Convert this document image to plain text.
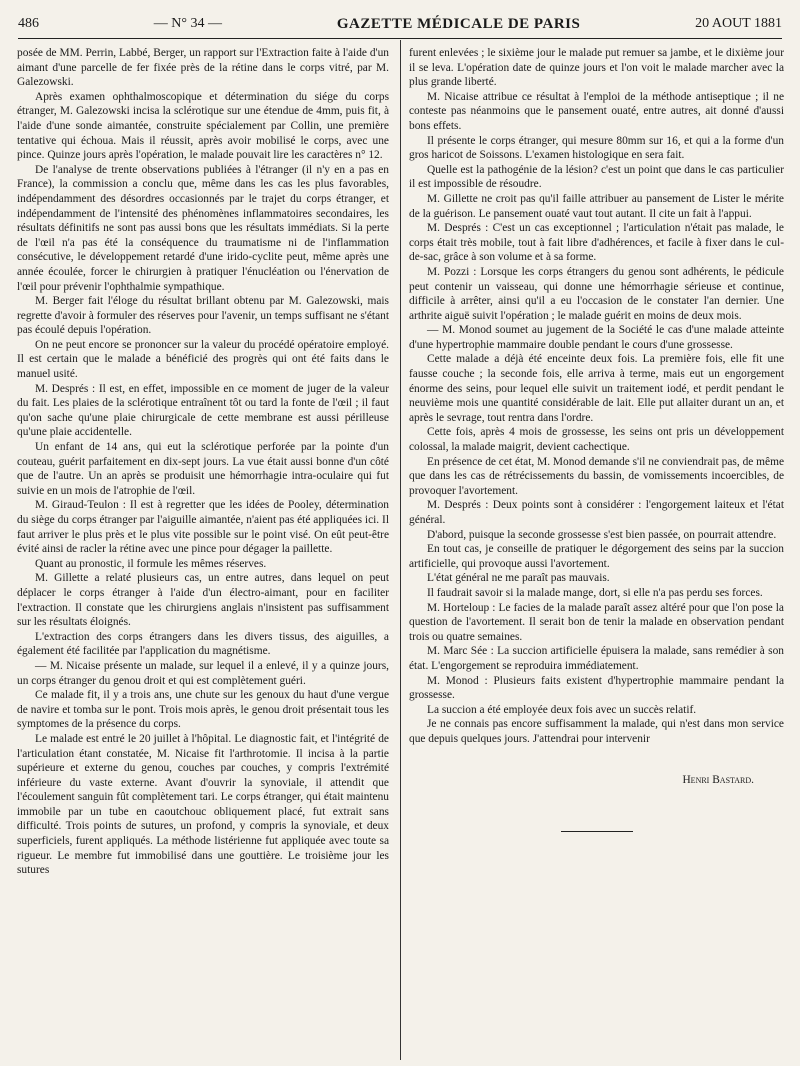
486	— N° 34 —	GAZETTE MÉDICALE DE PARIS	20 AOUT 1881

posée de MM. Perrin, Labbé, Berger, un rapport sur l'Extraction faite à l'aide d'un aimant d'une parcelle de fer fixée près de la rétine dans le corps vitré, par M. Galezowski.

Après examen ophthalmoscopique et détermination du siége du corps étranger, M. Galezowski incisa la sclérotique sur une étendue de 4mm, puis fit, à l'aide d'une sonde aimantée, construite spécialement par Collin, une première tentative qui échoua. Mais il réussit, après avoir mobilisé le corps, avec une pince. Quinze jours après l'opération, le malade pouvait lire les caractères n° 12.

De l'analyse de trente observations publiées à l'étranger (il n'y en a pas en France), la commission a conclu que, même dans les cas les plus favorables, indépendamment des désordres occasionnés par le trajet du corps étranger, et indépendamment de l'intensité des phénomènes inflammatoires secondaires, les résultats définitifs ne sont pas aussi bons que les résultats immédiats. Si la perte de l'œil n'a pas été la conséquence du traumatisme ni de l'inflammation consécutive, le développement retardé d'une irido-cyclite peut, même après une année écoulée, forcer le chirurgien à pratiquer l'énucléation ou l'énervation de l'œil pour prévenir l'ophthalmie sympathique.

M. Berger fait l'éloge du résultat brillant obtenu par M. Galezowski, mais regrette d'avoir à formuler des réserves pour l'avenir, un temps suffisant ne s'étant pas écoulé depuis l'opération.

On ne peut encore se prononcer sur la valeur du procédé opératoire employé. Il est certain que le malade a bénéficié des progrès qui ont été faits dans le manuel usité.

M. Després : Il est, en effet, impossible en ce moment de juger de la valeur du fait. Les plaies de la sclérotique entraînent tôt ou tard la fonte de l'œil ; il faut qu'on sache qu'une plaie chirurgicale de cette membrane est aussi périlleuse qu'une plaie accidentelle.

Un enfant de 14 ans, qui eut la sclérotique perforée par la pointe d'un couteau, guérit parfaitement en dix-sept jours. La vue était aussi bonne d'un côté que de l'autre. Un an après se produisit une hémorrhagie intra-oculaire qui fut suivie en un mois de l'atrophie de l'œil.

M. Giraud-Teulon : Il est à regretter que les idées de Pooley, détermination du siège du corps étranger par l'aiguille aimantée, n'aient pas été appliquées ici. Il faut arriver le plus près et le plus vite possible sur le point visé. On eût peut-être évité ainsi de racler la rétine avec une pince pour dégager la paillette.

Quant au pronostic, il formule les mêmes réserves.

M. Gillette a relaté plusieurs cas, un entre autres, dans lequel on peut déplacer le corps étranger à l'aide d'un électro-aimant, pour en faciliter l'extraction. Il constate que les chirurgiens anglais n'insistent pas suffisamment sur les résultats éloignés.

L'extraction des corps étrangers dans les divers tissus, des aiguilles, a également été facilitée par l'application du magnétisme.

— M. Nicaise présente un malade, sur lequel il a enlevé, il y a quinze jours, un corps étranger du genou droit et qui est complètement guéri.

Ce malade fit, il y a trois ans, une chute sur les genoux du haut d'une vergue de navire et tomba sur le pont. Trois mois après, le genou droit présentait tous les symptomes de la présence du corps.

Le malade est entré le 20 juillet à l'hôpital. Le diagnostic fait, et l'intégrité de l'articulation étant constatée, M. Nicaise fit l'arthrotomie. Il incisa à la partie supérieure et externe du genou, couches par couches, y compris l'extrémité inférieure du vaste externe. Avant d'ouvrir la synoviale, il attendit que l'écoulement sanguin fût complètement tari. Le corps étranger, qui était maintenu immobile par un tube en caoutchouc obliquement placé, fut extrait sans difficulté. Trois points de sutures, un profond, y compris la synoviale, et deux superficiels, furent appliqués. La méthode listérienne fut appliquée avec toute sa rigueur. Le membre fut immobilisé dans une gouttière. Le troisième jour les sutures

furent enlevées ; le sixième jour le malade put remuer sa jambe, et le dixième jour il se leva. L'opération date de quinze jours et l'on voit le malade marcher avec la plus grande liberté.

M. Nicaise attribue ce résultat à l'emploi de la méthode antiseptique ; il ne conteste pas néanmoins que le pansement ouaté, entre autres, ait donné d'aussi bons effets.

Il présente le corps étranger, qui mesure 80mm sur 16, et qui a la forme d'un gros haricot de Soissons. L'examen histologique en sera fait.

Quelle est la pathogénie de la lésion? c'est un point que dans le cas particulier il est impossible de résoudre.

M. Gillette ne croit pas qu'il faille attribuer au pansement de Lister le mérite de la guérison. Le pansement ouaté vaut tout autant. Il cite un fait à l'appui.

M. Després : C'est un cas exceptionnel ; l'articulation n'était pas malade, le corps était très mobile, tout à fait libre d'adhérences, et facile à fixer dans le cul-de-sac, grâce à son volume et à sa forme.

M. Pozzi : Lorsque les corps étrangers du genou sont adhérents, le pédicule peut contenir un vaisseau, qui donne une hémorrhagie sérieuse et continue, difficile à arrêter, ainsi qu'il a eu l'occasion de le constater l'an dernier. Une arthrite aiguë suivit l'opération ; le malade guérit en moins de deux mois.

— M. Monod soumet au jugement de la Société le cas d'une malade atteinte d'une hypertrophie mammaire double pendant le cours d'une grossesse.

Cette malade a déjà été enceinte deux fois. La première fois, elle fit une fausse couche ; la seconde fois, elle arriva à terme, mais eut un engorgement énorme des seins, pour lequel elle suivit un traitement iodé, et perdit pendant le neuvième mois une quantité considérable de lait. Elle put allaiter durant un an, et après le sevrage, tout rentra dans l'ordre.

Cette fois, après 4 mois de grossesse, les seins ont pris un développement colossal, la malade maigrit, devient cachectique.

En présence de cet état, M. Monod demande s'il ne conviendrait pas, de même que dans les cas de rétrécissements du bassin, de vomissements incoercibles, de provoquer l'avortement.

M. Després : Deux points sont à considérer : l'engorgement laiteux et l'état général.

D'abord, puisque la seconde grossesse s'est bien passée, on pourrait attendre.

En tout cas, je conseille de pratiquer le dégorgement des seins par la succion artificielle, qui provoque aussi l'avortement.

L'état général ne me paraît pas mauvais.

Il faudrait savoir si la malade mange, dort, si elle n'a pas perdu ses forces.

M. Horteloup : Le facies de la malade paraît assez altéré pour que l'on pose la question de l'avortement. Il serait bon de tenir la malade en observation pendant trois ou quatre semaines.

M. Marc Sée : La succion artificielle épuisera la malade, sans remédier à son état. L'engorgement se reproduira immédiatement.

M. Monod : Plusieurs faits existent d'hypertrophie mammaire pendant la grossesse.

La succion a été employée deux fois avec un succès relatif.

Je ne connais pas encore suffisamment la malade, qui n'est dans mon service que depuis quelques jours. J'attendrai pour intervenir

Henri Bastard.
